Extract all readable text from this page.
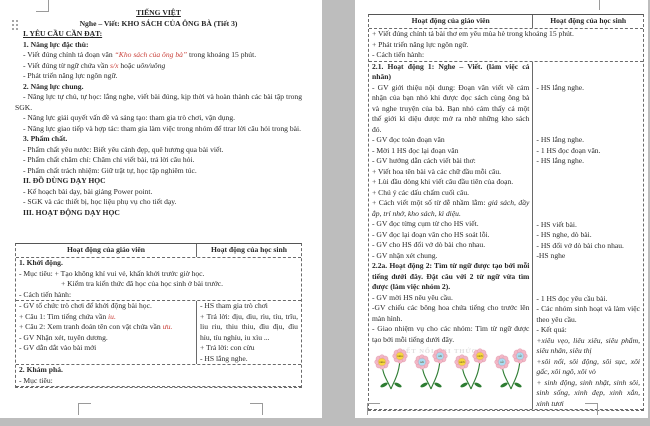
TIẾNG VIỆT
Nghe – Viết: KHO SÁCH CỦA ÔNG BÀ (Tiết 3)
I. YÊU CẦU CẦN ĐẠT:
1. Năng lực đặc thù:
- Viết đúng chính tả đoạn văn “Kho sách của ông bà” trong khoảng 15 phút.
- Viết đúng từ ngữ chứa vần s/x hoặc uôn/uông
- Phát triển năng lực ngôn ngữ.
2. Năng lực chung.
- Năng lực tự chủ, tự học: lắng nghe, viết bài đúng, kịp thời và hoàn thành các bài tập trong SGK.
- Năng lực giải quyết vấn đề và sáng tạo: tham gia trò chơi, vận dụng.
- Năng lực giao tiếp và hợp tác: tham gia làm việc trong nhóm để ttrar lời câu hỏi trong bài.
3. Phẩm chất.
- Phẩm chất yêu nước: Biết yêu cảnh đẹp, quê hương qua bài viết.
- Phẩm chất chăm chỉ: Chăm chỉ viết bài, trả lời câu hỏi.
- Phẩm chất trách nhiệm: Giữ trật tự, học tập nghiêm túc.
II. ĐỒ DÙNG DẠY HỌC
- Kế hoạch bài dạy, bài giảng Power point.
- SGK và các thiết bị, học liệu phụ vụ cho tiết dạy.
III. HOẠT ĐỘNG DẠY HỌC
Hoạt động của giáo viên	Hoạt động của học sinh
1. Khởi động.
- Mục tiêu: + Tạo không khí vui vẻ, khấn khởi trước giờ học.
+ Kiểm tra kiến thức đã học của học sinh ở bài trước.
- Cách tiến hành:
- GV tổ chức trò chơi để khởi động bài học.
+ Câu 1: Tìm tiếng chứa vần iu.
+ Câu 2: Xem tranh đoán tên con vật chứa vần ưu.
- GV Nhận xét, tuyên dương.
- GV dẫn dắt vào bài mới
- HS tham gia trò chơi
+ Trả lời: địu, dìu, rìu, tíu, trĩu, liu riu, thiu thiu, đìu địu, đìu hỉu, tíu nghỉu, iu xìu ...
+ Trả lời: con cừu
- HS lắng nghe.
2. Khám phá.
- Mục tiêu:
Hoạt động của giáo viên	Hoạt động của học sinh
+ Viết đúng chính tả bài thơ em yêu mùa hè trong khoảng 15 phút.
+ Phát triển năng lực ngôn ngữ.
- Cách tiến hành:
2.1. Hoạt động 1: Nghe – Viết. (làm việc cá nhân)
- GV giới thiệu nội dung: Đoạn văn viết về cảm nhận của bạn nhỏ khi được đọc sách cùng ông bà và nghe truyện của bà. Bạn nhỏ cảm thấy cả một thế giới kì diệu được mở ra nhờ những kho sách đó.
- GV đọc toàn đoạn văn
- Mời 1 HS đọc lại đoạn văn
- GV hướng dẫn cách viết bài thơ:
+ Viết hoa tên bài và các chữ đầu mỗi câu.
+ Lùi đầu dòng khi viết câu đầu tiên của đoạn.
+ Chú ý các dấu chấm cuối câu.
+ Cách viết một số từ dễ nhầm lẫm: giá sách, đầy ắp, trí nhớ, kho sách, kì diệu.
- GV đọc từng cụm từ cho HS viết.
- GV đọc lại đoạn văn cho HS soát lỗi.
- GV cho HS đổi vở dò bài cho nhau.
- GV nhận xét chung.
2.2a. Hoạt động 2: Tìm từ ngữ được tạo bởi mỗi tiếng dưới đây. Đặt câu với 2 từ ngữ vừa tìm được (làm việc nhóm 2).
- GV mời HS nêu yêu cầu.
-GV chiếu các bông hoa chứa tiếng cho trước lên màn hình.
- Giao nhiệm vụ cho các nhóm: Tìm từ ngữ được tạo bởi mỗi tiếng dưới đây.
KẾT NỐI THỨC
xiêu
siêu
sôi
xôi
sinh
xinh
sử
xử
- HS lắng nghe.
- HS lắng nghe.
- 1 HS đọc đoạn văn.
- HS lắng nghe.
- HS viết bài.
- HS nghe, dò bài.
- HS đổi vở dò bài cho nhau.
-HS nghe
- 1 HS đọc yêu cầu bài.
- Các nhóm sinh hoạt và làm việc theo yêu cầu.
- Kết quả:
+xiêu vẹo, liêu xiêu, siêu phẩm, siêu nhân, siêu thị
+sôi nổi, sôi động, sôi sục, xôi gấc, xôi ngô, xôi vò
+ sinh động, sinh nhật, sinh sôi, sinh sống, xinh đẹp, xinh xắn, xinh tươi
